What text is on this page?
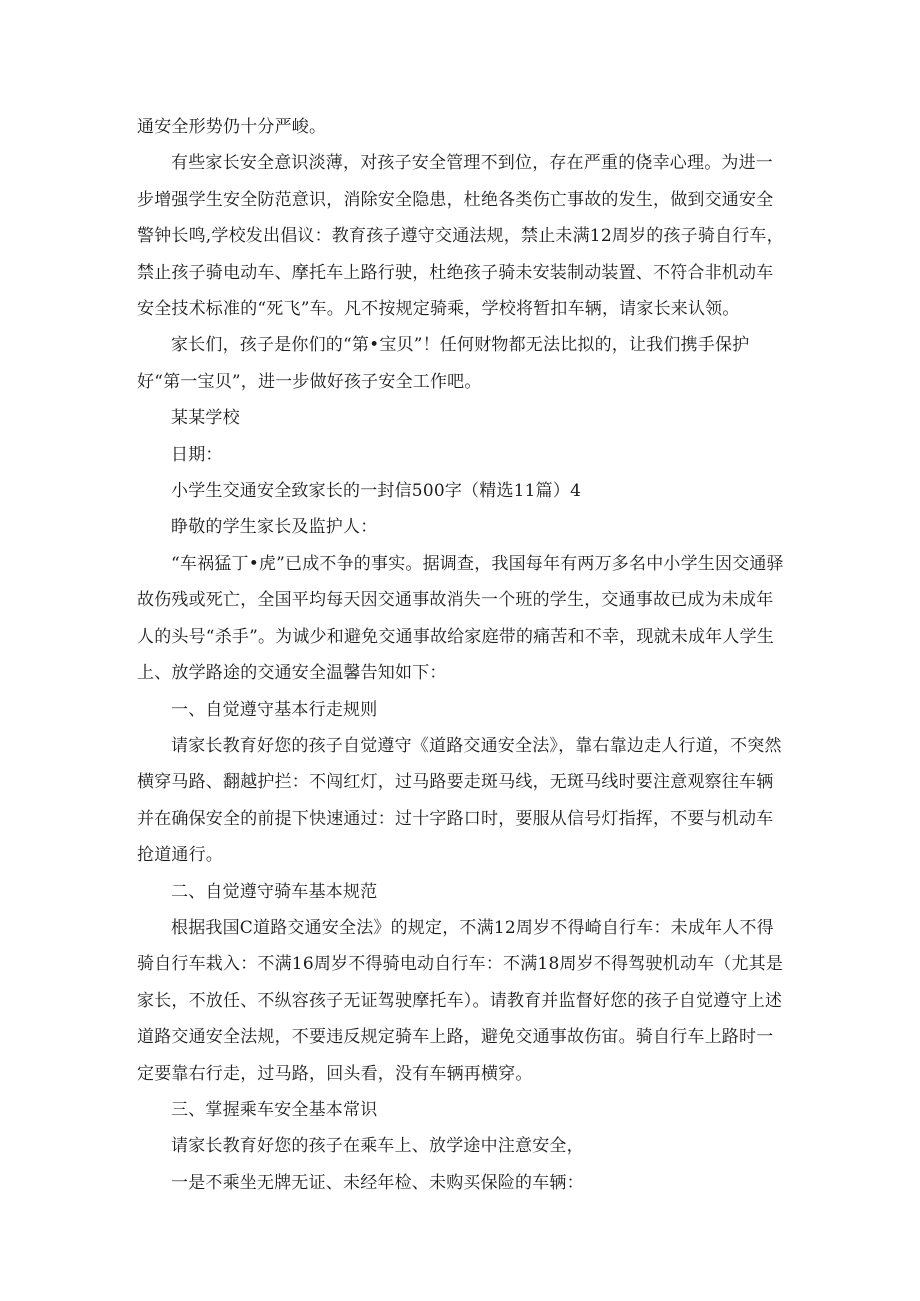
通安全形势仍十分严峻。

有些家长安全意识淡薄，对孩子安全管理不到位，存在严重的侥幸心理。为进一步增强学生安全防范意识，消除安全隐患，杜绝各类伤亡事故的发生，做到交通安全警钟长鸣,学校发出倡议：教育孩子遵守交通法规，禁止未满12周岁的孩子骑自行车，禁止孩子骑电动车、摩托车上路行驶，杜绝孩子骑未安装制动装置、不符合非机动车安全技术标准的“死飞”车。凡不按规定骑乘，学校将暂扣车辆，请家长来认领。

家长们，孩子是你们的“第•宝贝”！任何财物都无法比拟的，让我们携手保护好“第一宝贝”，进一步做好孩子安全工作吧。

某某学校

日期：

小学生交通安全致家长的一封信500字（精选11篇）4

睁敬的学生家长及监护人：

“车祸猛丁•虎”已成不争的事实。据调查，我国每年有两万多名中小学生因交通驿故伤残或死亡，全国平均每天因交通事故消失一个班的学生，交通事故已成为未成年人的头号“杀手”。为诚少和避免交通事故给家庭带的痛苦和不幸，现就未成年人学生上、放学路途的交通安全温馨告知如下：

一、自觉遵守基本行走规则

请家长教育好您的孩子自觉遵守《道路交通安全法》，靠右靠边走人行道，不突然横穿马路、翻越护拦：不闯红灯，过马路要走斑马线，无斑马线时要注意观察往车辆并在确保安全的前提下快速通过：过十字路口时，要服从信号灯指挥，不要与机动车抢道通行。

二、自觉遵守骑车基本规范

根据我国C道路交通安全法》的规定，不满12周岁不得崎自行车：未成年人不得骑自行车栽入：不满16周岁不得骑电动自行车：不满18周岁不得驾驶机动车（尤其是家长，不放任、不纵容孩子无证驾驶摩托车）。请教育并监督好您的孩子自觉遵守上述道路交通安全法规，不要违反规定骑车上路，避免交通事故伤宙。骑自行车上路时一定要靠右行走，过马路，回头看，没有车辆再横穿。

三、掌握乘车安全基本常识

请家长教育好您的孩子在乘车上、放学途中注意安全，

一是不乘坐无牌无证、未经年检、未购买保险的车辆：
